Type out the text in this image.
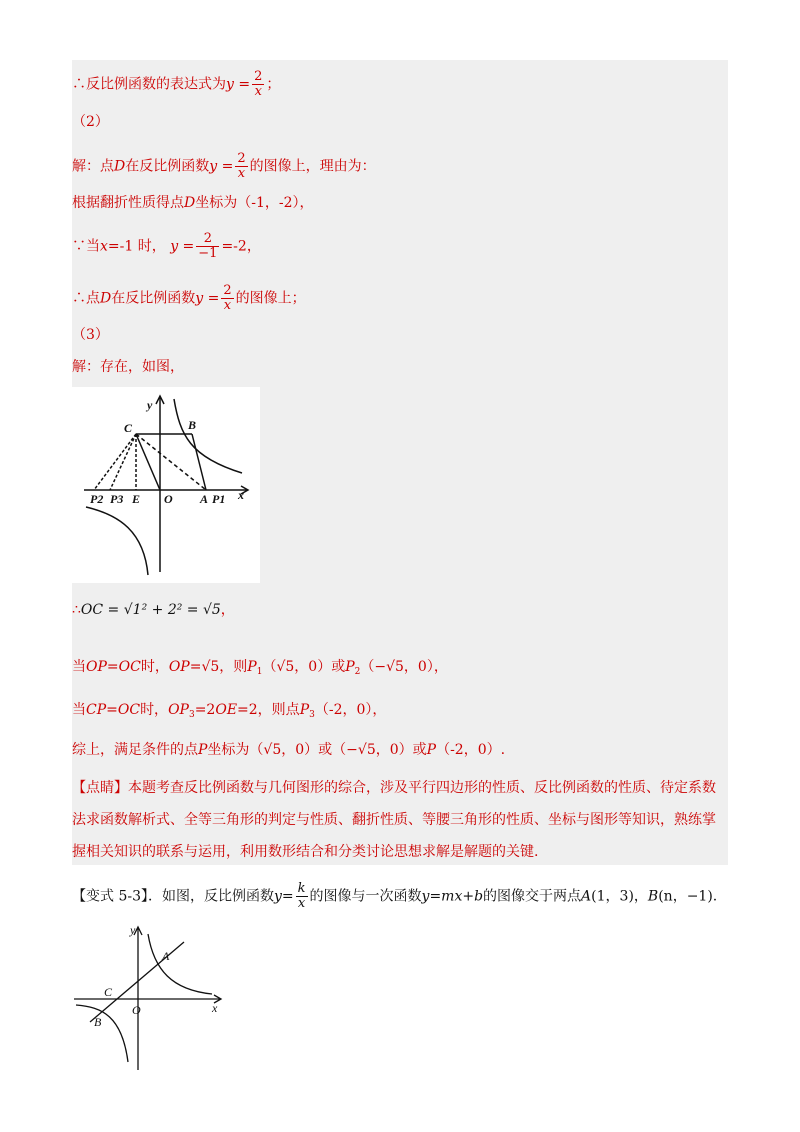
∴反比例函数的表达式为$y = \frac{2}{x}$ ；
（2）
解：点D在反比例函数$y = \frac{2}{x}$ 的图像上，理由为：
根据翻折性质得点D坐标为（-1，-2），
∵当x=-1 时， $y = \frac{2}{-1} =-2$，
∴点D在反比例函数$y = \frac{2}{x}$ 的图像上；
（3）
解：存在，如图，
y
C	B
x
P2 P3 E O A P1
∴OC = √1² + 2² = √5，
当OP=OC时，OP=√5，则$P_1(√5$，0）或$P_2(-√5$，0），
当CP=OC时，$OP_3=2OE=2$，则点$P_3(-2$，0），
综上，满足条件的点P坐标为（√5，0）或（−√5，0）或P（-2，0）.
【点睛】本题考查反比例函数与几何图形的综合，涉及平行四边形的性质、反比例函数的性质、待定系数
法求函数解析式、全等三角形的判定与性质、翻折性质、等腰三角形的性质、坐标与图形等知识，熟练掌
握相关知识的联系与运用，利用数形结合和分类讨论思想求解是解题的关键.
【变式 5-3】．如图，反比例函数$y= \frac{k}{x}$ 的图像与一次函数y=mx+b的图像交于两点A(1，3)，B(n，−1).
y
A
C
O	x
B
